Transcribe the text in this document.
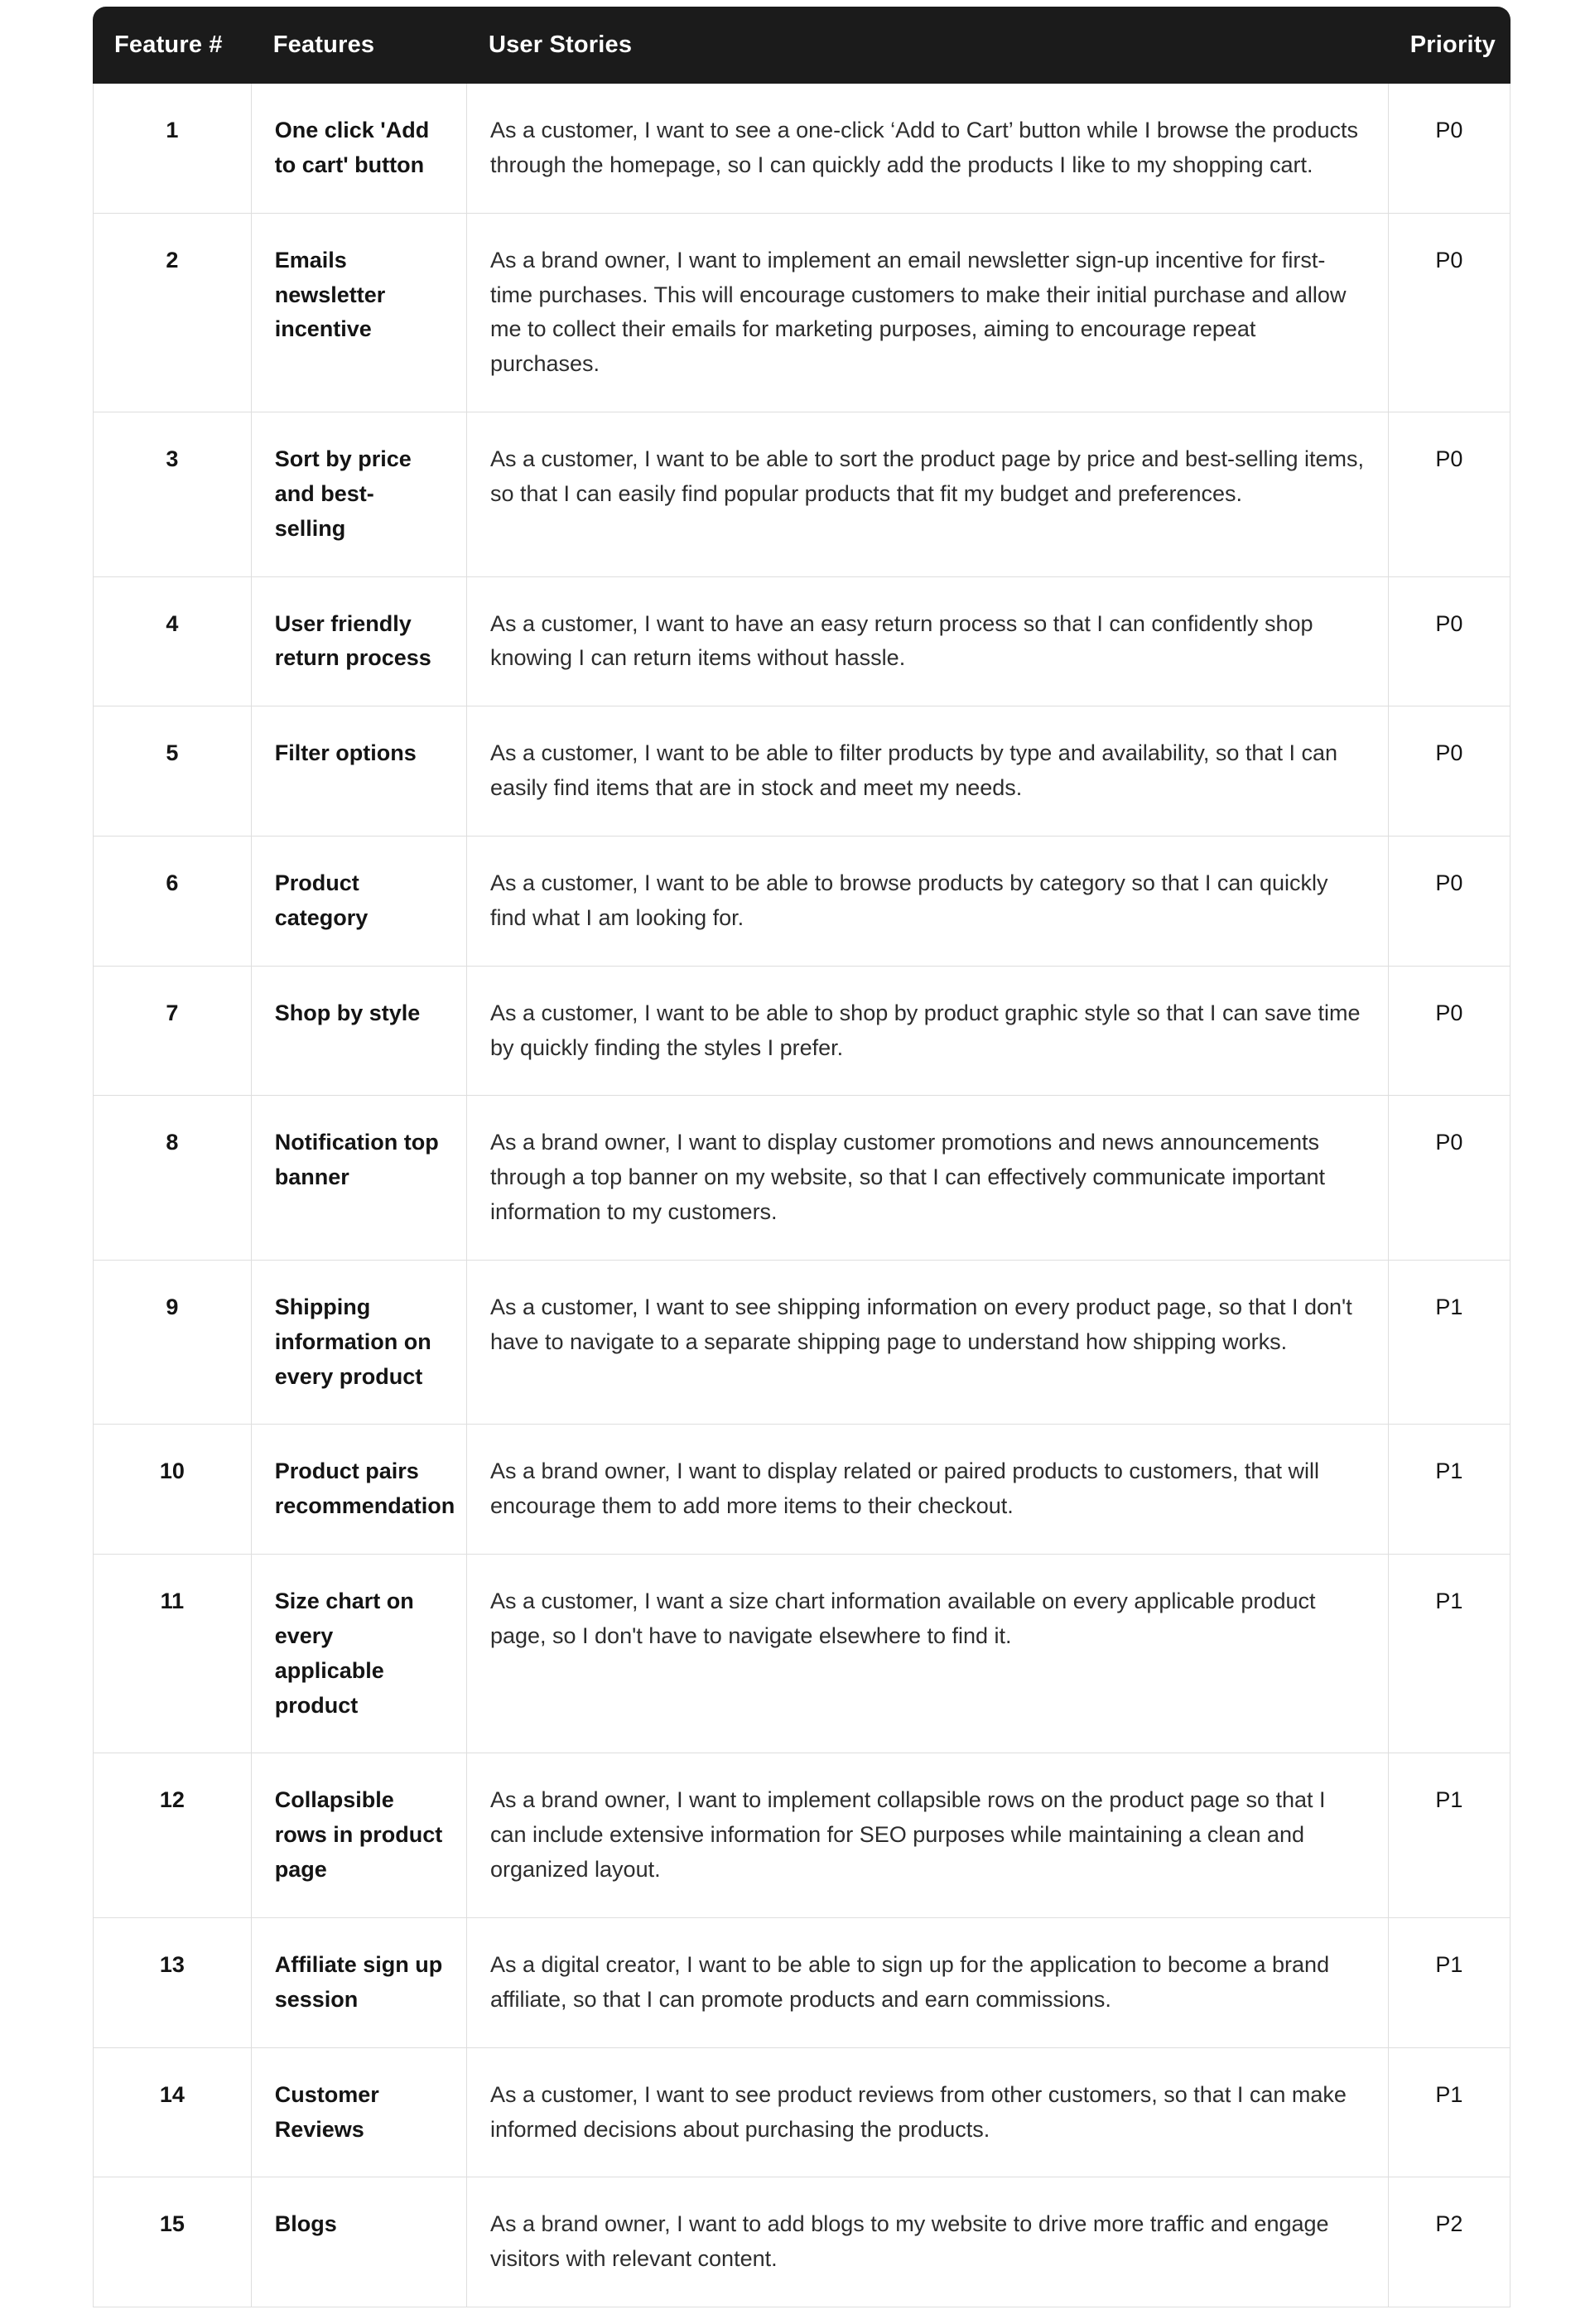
Feature #	Features	User Stories	Priority
1	One click 'Add to cart' button	As a customer, I want to see a one-click ‘Add to Cart’ button while I browse the products through the homepage, so I can quickly add the products I like to my shopping cart.	P0
2	Emails newsletter incentive	As a brand owner, I want to implement an email newsletter sign-up incentive for first-time purchases. This will encourage customers to make their initial purchase and allow me to collect their emails for marketing purposes, aiming to encourage repeat purchases.	P0
3	Sort by price and best-selling	As a customer, I want to be able to sort the product page by price and best-selling items, so that I can easily find popular products that fit my budget and preferences.	P0
4	User friendly return process	As a customer, I want to have an easy return process so that I can confidently shop knowing I can return items without hassle.	P0
5	Filter options	As a customer, I want to be able to filter products by type and availability, so that I can easily find items that are in stock and meet my needs.	P0
6	Product category	As a customer, I want to be able to browse products by category so that I can quickly find what I am looking for.	P0
7	Shop by style	As a customer, I want to be able to shop by product graphic style so that I can save time by quickly finding the styles I prefer.	P0
8	Notification top banner	As a brand owner, I want to display customer promotions and news announcements through a top banner on my website, so that I can effectively communicate important information to my customers.	P0
9	Shipping information on every product	As a customer, I want to see shipping information on every product page, so that I don't have to navigate to a separate shipping page to understand how shipping works.	P1
10	Product pairs recommendation	As a brand owner, I want to display related or paired products to customers, that will encourage them to add more items to their checkout.	P1
11	Size chart on every applicable product	As a customer, I want a size chart information available on every applicable product page, so I don't have to navigate elsewhere to find it.	P1
12	Collapsible rows in product page	As a brand owner, I want to implement collapsible rows on the product page so that I can include extensive information for SEO purposes while maintaining a clean and organized layout.	P1
13	Affiliate sign up session	As a digital creator, I want to be able to sign up for the application to become a brand affiliate, so that I can promote products and earn commissions.	P1
14	Customer Reviews	As a customer, I want to see product reviews from other customers, so that I can make informed decisions about purchasing the products.	P1
15	Blogs	As a brand owner, I want to add blogs to my website to drive more traffic and engage visitors with relevant content.	P2
